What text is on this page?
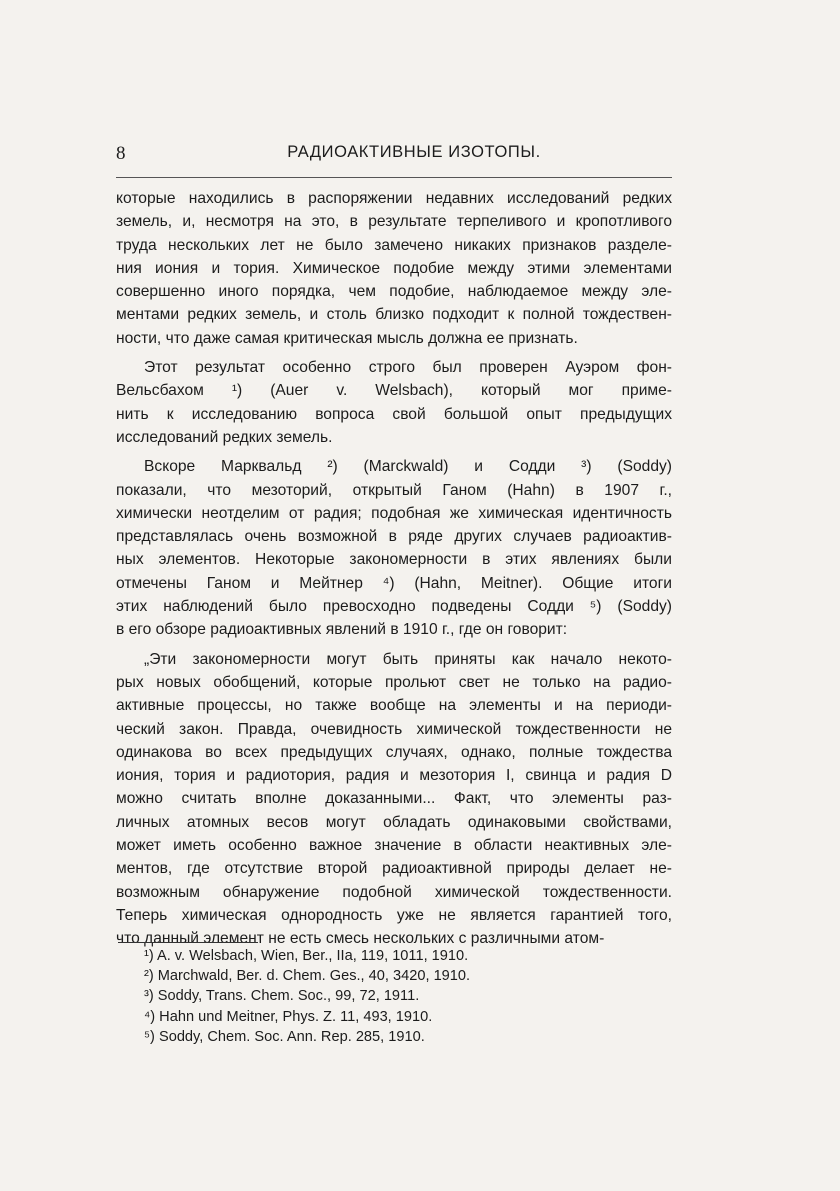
8	РАДИОАКТИВНЫЕ ИЗОТОПЫ.
которые находились в распоряжении недавних исследований редких
земель, и, несмотря на это, в результате терпеливого и кропотливого
труда нескольких лет не было замечено никаких признаков разделе-
ния иония и тория. Химическое подобие между этими элементами
совершенно иного порядка, чем подобие, наблюдаемое между эле-
ментами редких земель, и столь близко подходит к полной тождествен-
ности, что даже самая критическая мысль должна ее признать.
Этот результат особенно строго был проверен Ауэром фон-
Вельсбахом ¹) (Auer v. Welsbach), который мог приме-
нить к исследованию вопроса свой большой опыт предыдущих
исследований редких земель.
Вскоре Марквальд ²) (Marckwald) и Содди ³) (Soddy)
показали, что мезоторий, открытый Ганом (Hahn) в 1907 г.,
химически неотделим от радия; подобная же химическая идентичность
представлялась очень возможной в ряде других случаев радиоактив-
ных элементов. Некоторые закономерности в этих явлениях были
отмечены Ганом и Мейтнер ⁴) (Hahn, Meitner). Общие итоги
этих наблюдений было превосходно подведены Содди ⁵) (Soddy)
в его обзоре радиоактивных явлений в 1910 г., где он говорит:
„Эти закономерности могут быть приняты как начало некото-
рых новых обобщений, которые прольют свет не только на радио-
активные процессы, но также вообще на элементы и на периоди-
ческий закон. Правда, очевидность химической тождественности не
одинакова во всех предыдущих случаях, однако, полные тождества
иония, тория и радиотория, радия и мезотория I, свинца и радия D
можно считать вполне доказанными... Факт, что элементы раз-
личных атомных весов могут обладать одинаковыми свойствами,
может иметь особенно важное значение в области неактивных эле-
ментов, где отсутствие второй радиоактивной природы делает не-
возможным обнаружение подобной химической тождественности.
Теперь химическая однородность уже не является гарантией того,
что данный элемент не есть смесь нескольких с различными атом-
¹) A. v. Welsbach, Wien, Ber., IIa, 119, 1011, 1910.
²) Marchwald, Ber. d. Chem. Ges., 40, 3420, 1910.
³) Soddy, Trans. Chem. Soc., 99, 72, 1911.
⁴) Hahn und Meitner, Phys. Z. 11, 493, 1910.
⁵) Soddy, Chem. Soc. Ann. Rep. 285, 1910.
